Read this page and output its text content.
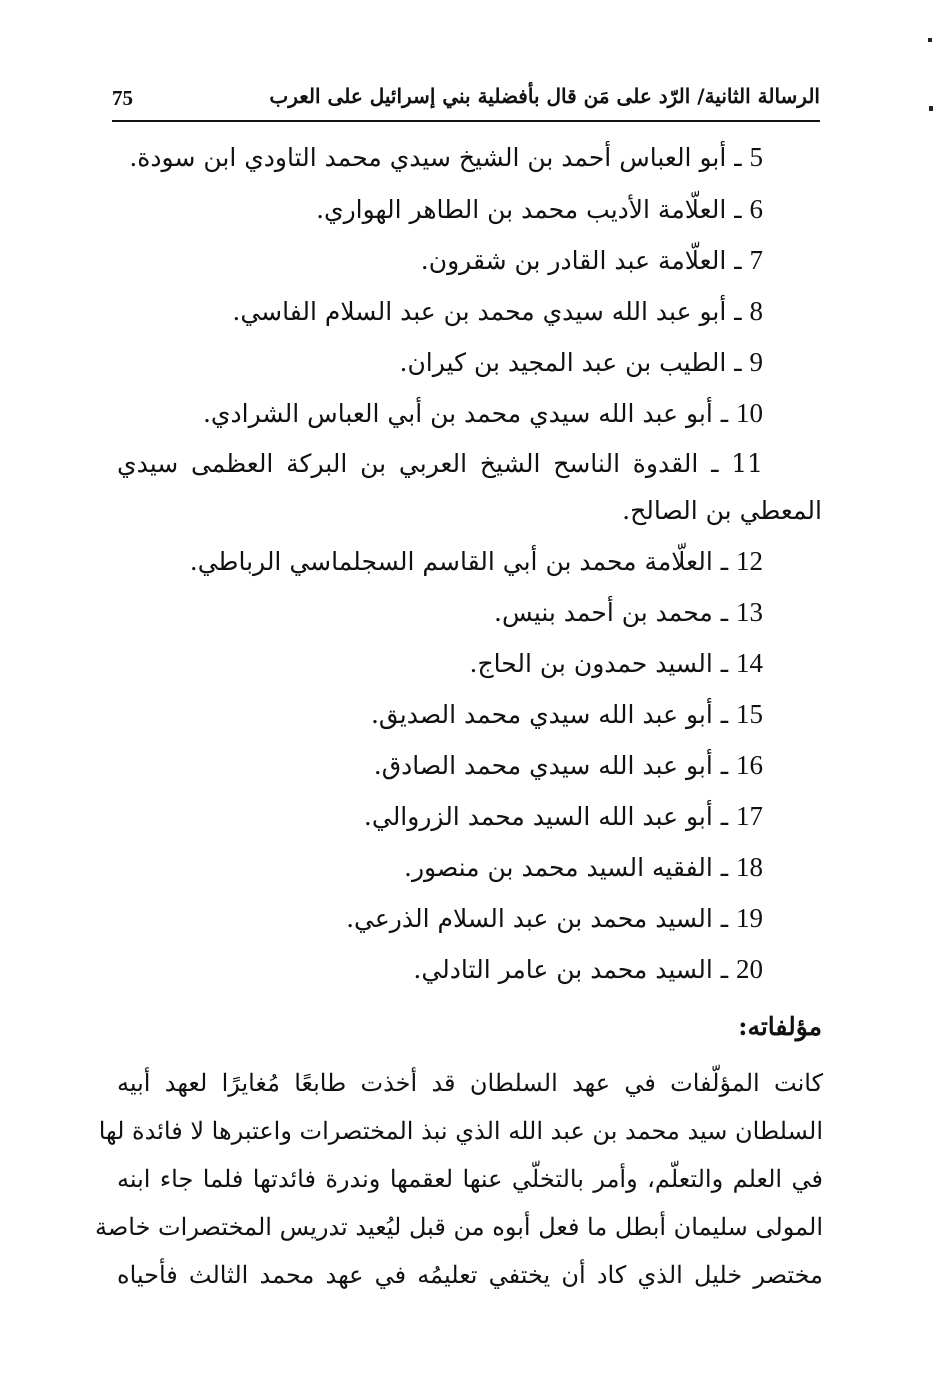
75	الرسالة الثانية/ الرّد على مَن قال بأفضلية بني إسرائيل على العرب
5 ـ أبو العباس أحمد بن الشيخ سيدي محمد التاودي ابن سودة.
6 ـ العلّامة الأديب محمد بن الطاهر الهواري.
7 ـ العلّامة عبد القادر بن شقرون.
8 ـ أبو عبد الله سيدي محمد بن عبد السلام الفاسي.
9 ـ الطيب بن عبد المجيد بن كيران.
10 ـ أبو عبد الله سيدي محمد بن أبي العباس الشرادي.
11 ـ القدوة الناسح الشيخ العربي بن البركة العظمى سيدي
المعطي بن الصالح.
12 ـ العلّامة محمد بن أبي القاسم السجلماسي الرباطي.
13 ـ محمد بن أحمد بنيس.
14 ـ السيد حمدون بن الحاج.
15 ـ أبو عبد الله سيدي محمد الصديق.
16 ـ أبو عبد الله سيدي محمد الصادق.
17 ـ أبو عبد الله السيد محمد الزروالي.
18 ـ الفقيه السيد محمد بن منصور.
19 ـ السيد محمد بن عبد السلام الذرعي.
20 ـ السيد محمد بن عامر التادلي.
مؤلفاته:
كانت المؤلّفات في عهد السلطان قد أخذت طابعًا مُغايرًا لعهد أبيه
السلطان سيد محمد بن عبد الله الذي نبذ المختصرات واعتبرها لا فائدة لها
في العلم والتعلّم، وأمر بالتخلّي عنها لعقمها وندرة فائدتها فلما جاء ابنه
المولى سليمان أبطل ما فعل أبوه من قبل ليُعيد تدريس المختصرات خاصة
مختصر خليل الذي كاد أن يختفي تعليمُه في عهد محمد الثالث فأحياه
